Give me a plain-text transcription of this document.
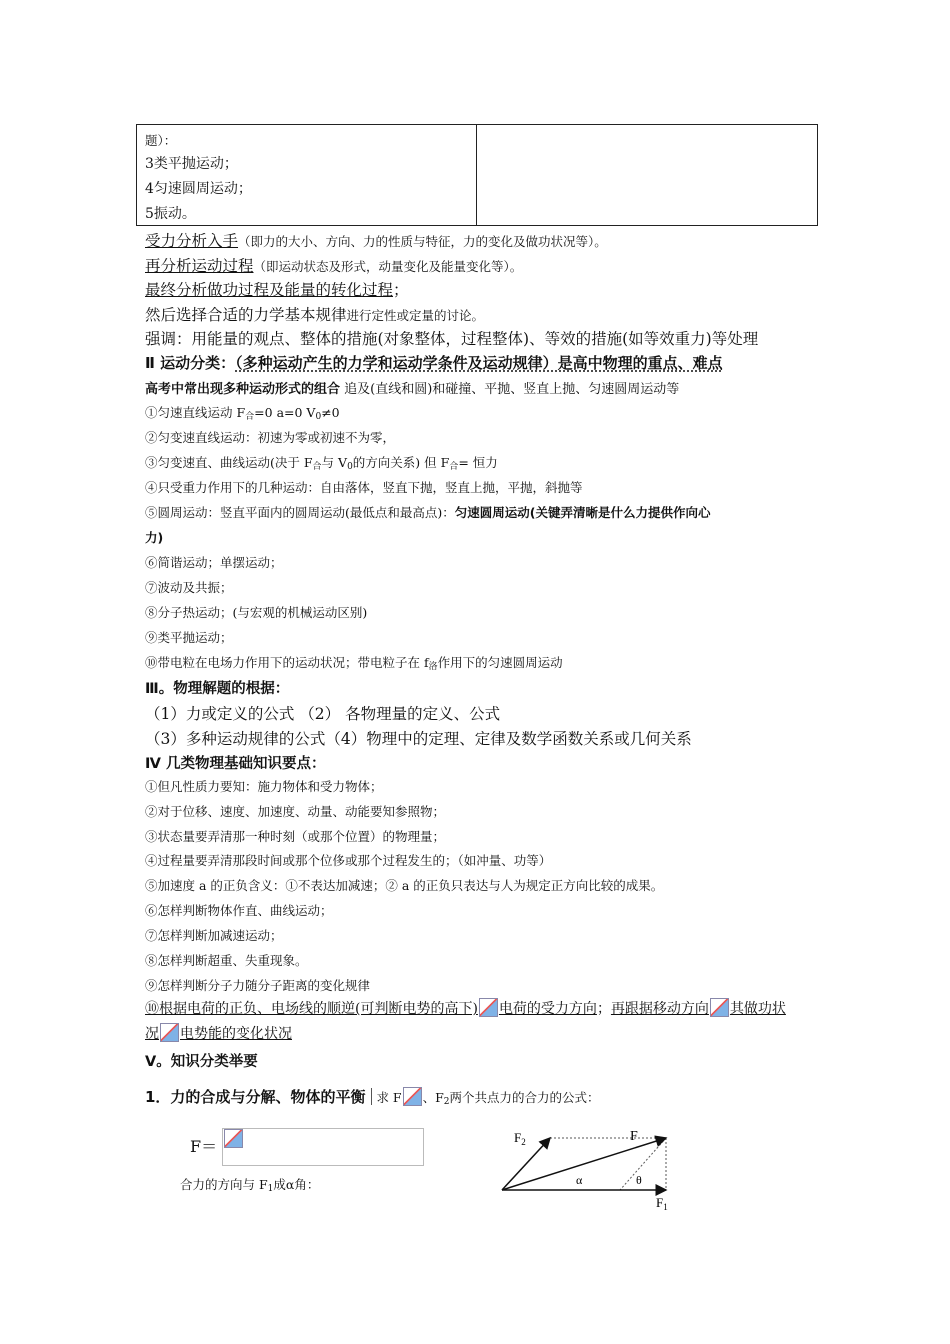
题）：
3类平抛运动；
4匀速圆周运动；
5振动。
受力分析入手（即力的大小、方向、力的性质与特征，力的变化及做功状况等）。
再分析运动过程（即运动状态及形式，动量变化及能量变化等）。
最终分析做功过程及能量的转化过程；
然后选择合适的力学基本规律进行定性或定量的讨论。
强调：用能量的观点、整体的措施(对象整体，过程整体)、等效的措施(如等效重力)等处理
Ⅱ 运动分类：（多种运动产生的力学和运动学条件及运动规律）是高中物理的重点、难点
高考中常出现多种运动形式的组合 追及(直线和圆)和碰撞、平抛、竖直上抛、匀速圆周运动等
①匀速直线运动 $F_合=0$ a=0 $V_0\ne 0$
②匀变速直线运动：初速为零或初速不为零，
③匀变速直、曲线运动(决于 $F_合$与 $V_0$的方向关系) 但 $F_合=$ 恒力
④只受重力作用下的几种运动：自由落体，竖直下抛，竖直上抛，平抛，斜抛等
⑤圆周运动：竖直平面内的圆周运动(最低点和最高点)：匀速圆周运动(关键弄清晰是什么力提供作向心
力)
⑥简谐运动；单摆运动；
⑦波动及共振；
⑧分子热运动；(与宏观的机械运动区别)
⑨类平抛运动；
⑩带电粒在电场力作用下的运动状况；带电粒子在 $f_洛$作用下的匀速圆周运动
Ⅲ。物理解题的根据：
（1）力或定义的公式 （2） 各物理量的定义、公式
（3）多种运动规律的公式（4）物理中的定理、定律及数学函数关系或几何关系
Ⅳ 几类物理基础知识要点：
①但凡性质力要知：施力物体和受力物体；
②对于位移、速度、加速度、动量、动能要知参照物；
③状态量要弄清那一种时刻（或那个位置）的物理量；
④过程量要弄清那段时间或那个位侈或那个过程发生的；（如冲量、功等）
⑤加速度 a 的正负含义：①不表达加减速；② a 的正负只表达与人为规定正方向比较的成果。
⑥怎样判断物体作直、曲线运动；
⑦怎样判断加减速运动；
⑧怎样判断超重、失重现象。
⑨怎样判断分子力随分子距离的变化规律
⑩根据电荷的正负、电场线的顺逆(可判断电势的高下) 电荷的受力方向；再跟据移动方向 其做功状
况 电势能的变化状况
Ⅴ。知识分类举要
1．力的合成与分解、物体的平衡 求 F 、$F_2$两个共点力的合力的公式：
F＝
合力的方向与 $F_1$成α角：
$F_2$	F
α	θ
$F_1$
